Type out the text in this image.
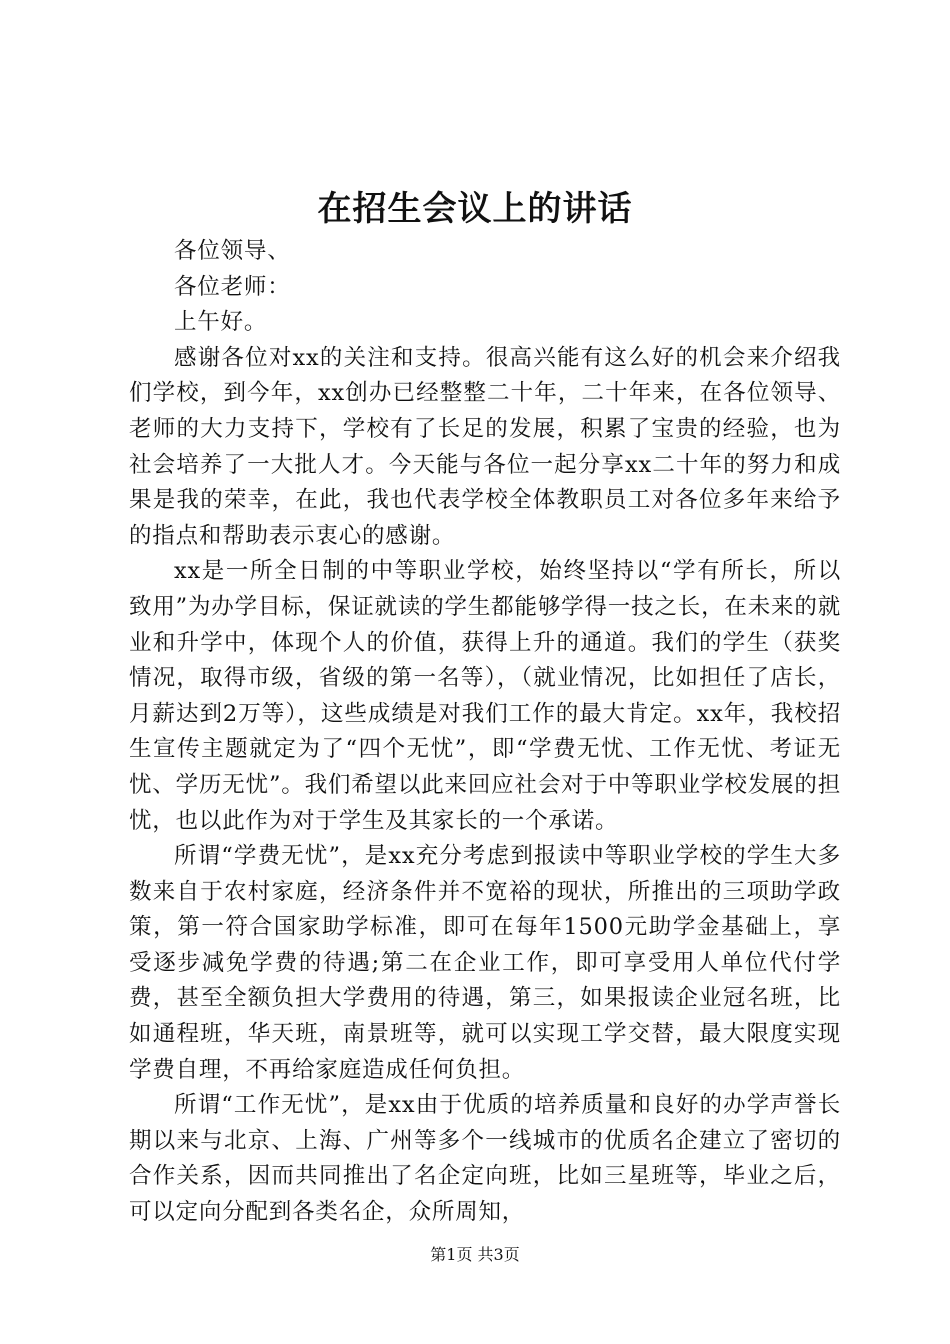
在招生会议上的讲话

各位领导、

各位老师：

上午好。

感谢各位对xx的关注和支持。很高兴能有这么好的机会来介绍我们学校，到今年，xx创办已经整整二十年，二十年来，在各位领导、老师的大力支持下，学校有了长足的发展，积累了宝贵的经验，也为社会培养了一大批人才。今天能与各位一起分享xx二十年的努力和成果是我的荣幸，在此，我也代表学校全体教职员工对各位多年来给予的指点和帮助表示衷心的感谢。

xx是一所全日制的中等职业学校，始终坚持以“学有所长，所以致用”为办学目标，保证就读的学生都能够学得一技之长，在未来的就业和升学中，体现个人的价值，获得上升的通道。我们的学生（获奖情况，取得市级，省级的第一名等），（就业情况，比如担任了店长，月薪达到2万等），这些成绩是对我们工作的最大肯定。xx年，我校招生宣传主题就定为了“四个无忧”，即“学费无忧、工作无忧、考证无忧、学历无忧”。我们希望以此来回应社会对于中等职业学校发展的担忧，也以此作为对于学生及其家长的一个承诺。

所谓“学费无忧”，是xx充分考虑到报读中等职业学校的学生大多数来自于农村家庭，经济条件并不宽裕的现状，所推出的三项助学政策，第一符合国家助学标准，即可在每年1500元助学金基础上，享受逐步减免学费的待遇;第二在企业工作，即可享受用人单位代付学费，甚至全额负担大学费用的待遇，第三，如果报读企业冠名班，比如通程班，华天班，南景班等，就可以实现工学交替，最大限度实现学费自理，不再给家庭造成任何负担。

所谓“工作无忧”，是xx由于优质的培养质量和良好的办学声誉长期以来与北京、上海、广州等多个一线城市的优质名企建立了密切的合作关系，因而共同推出了名企定向班，比如三星班等，毕业之后，可以定向分配到各类名企，众所周知，

第1页 共3页
